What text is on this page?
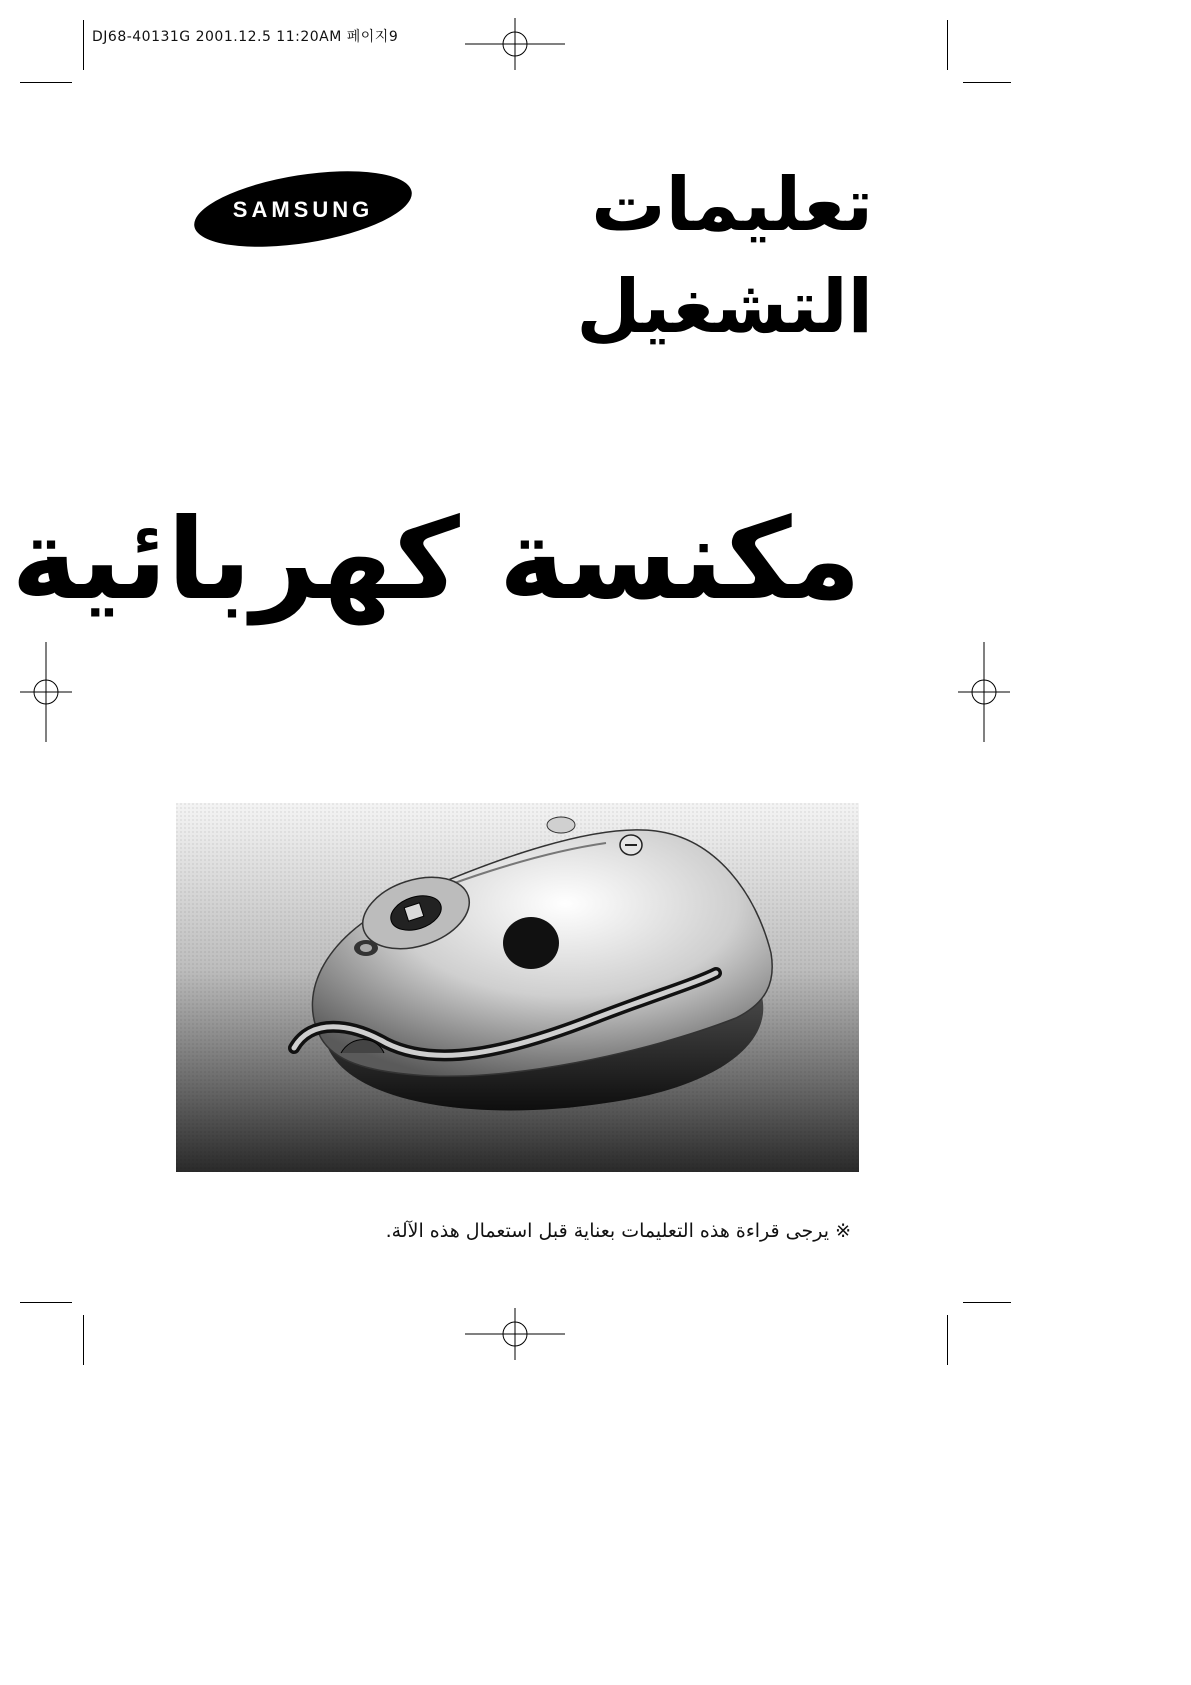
DJ68-40131G 2001.12.5 11:20AM 페이지9
SAMSUNG	تعليمات
التشغيل
مكنسة كهربائية
※ يرجى قراءة هذه التعليمات بعناية قبل استعمال هذه الآلة.
